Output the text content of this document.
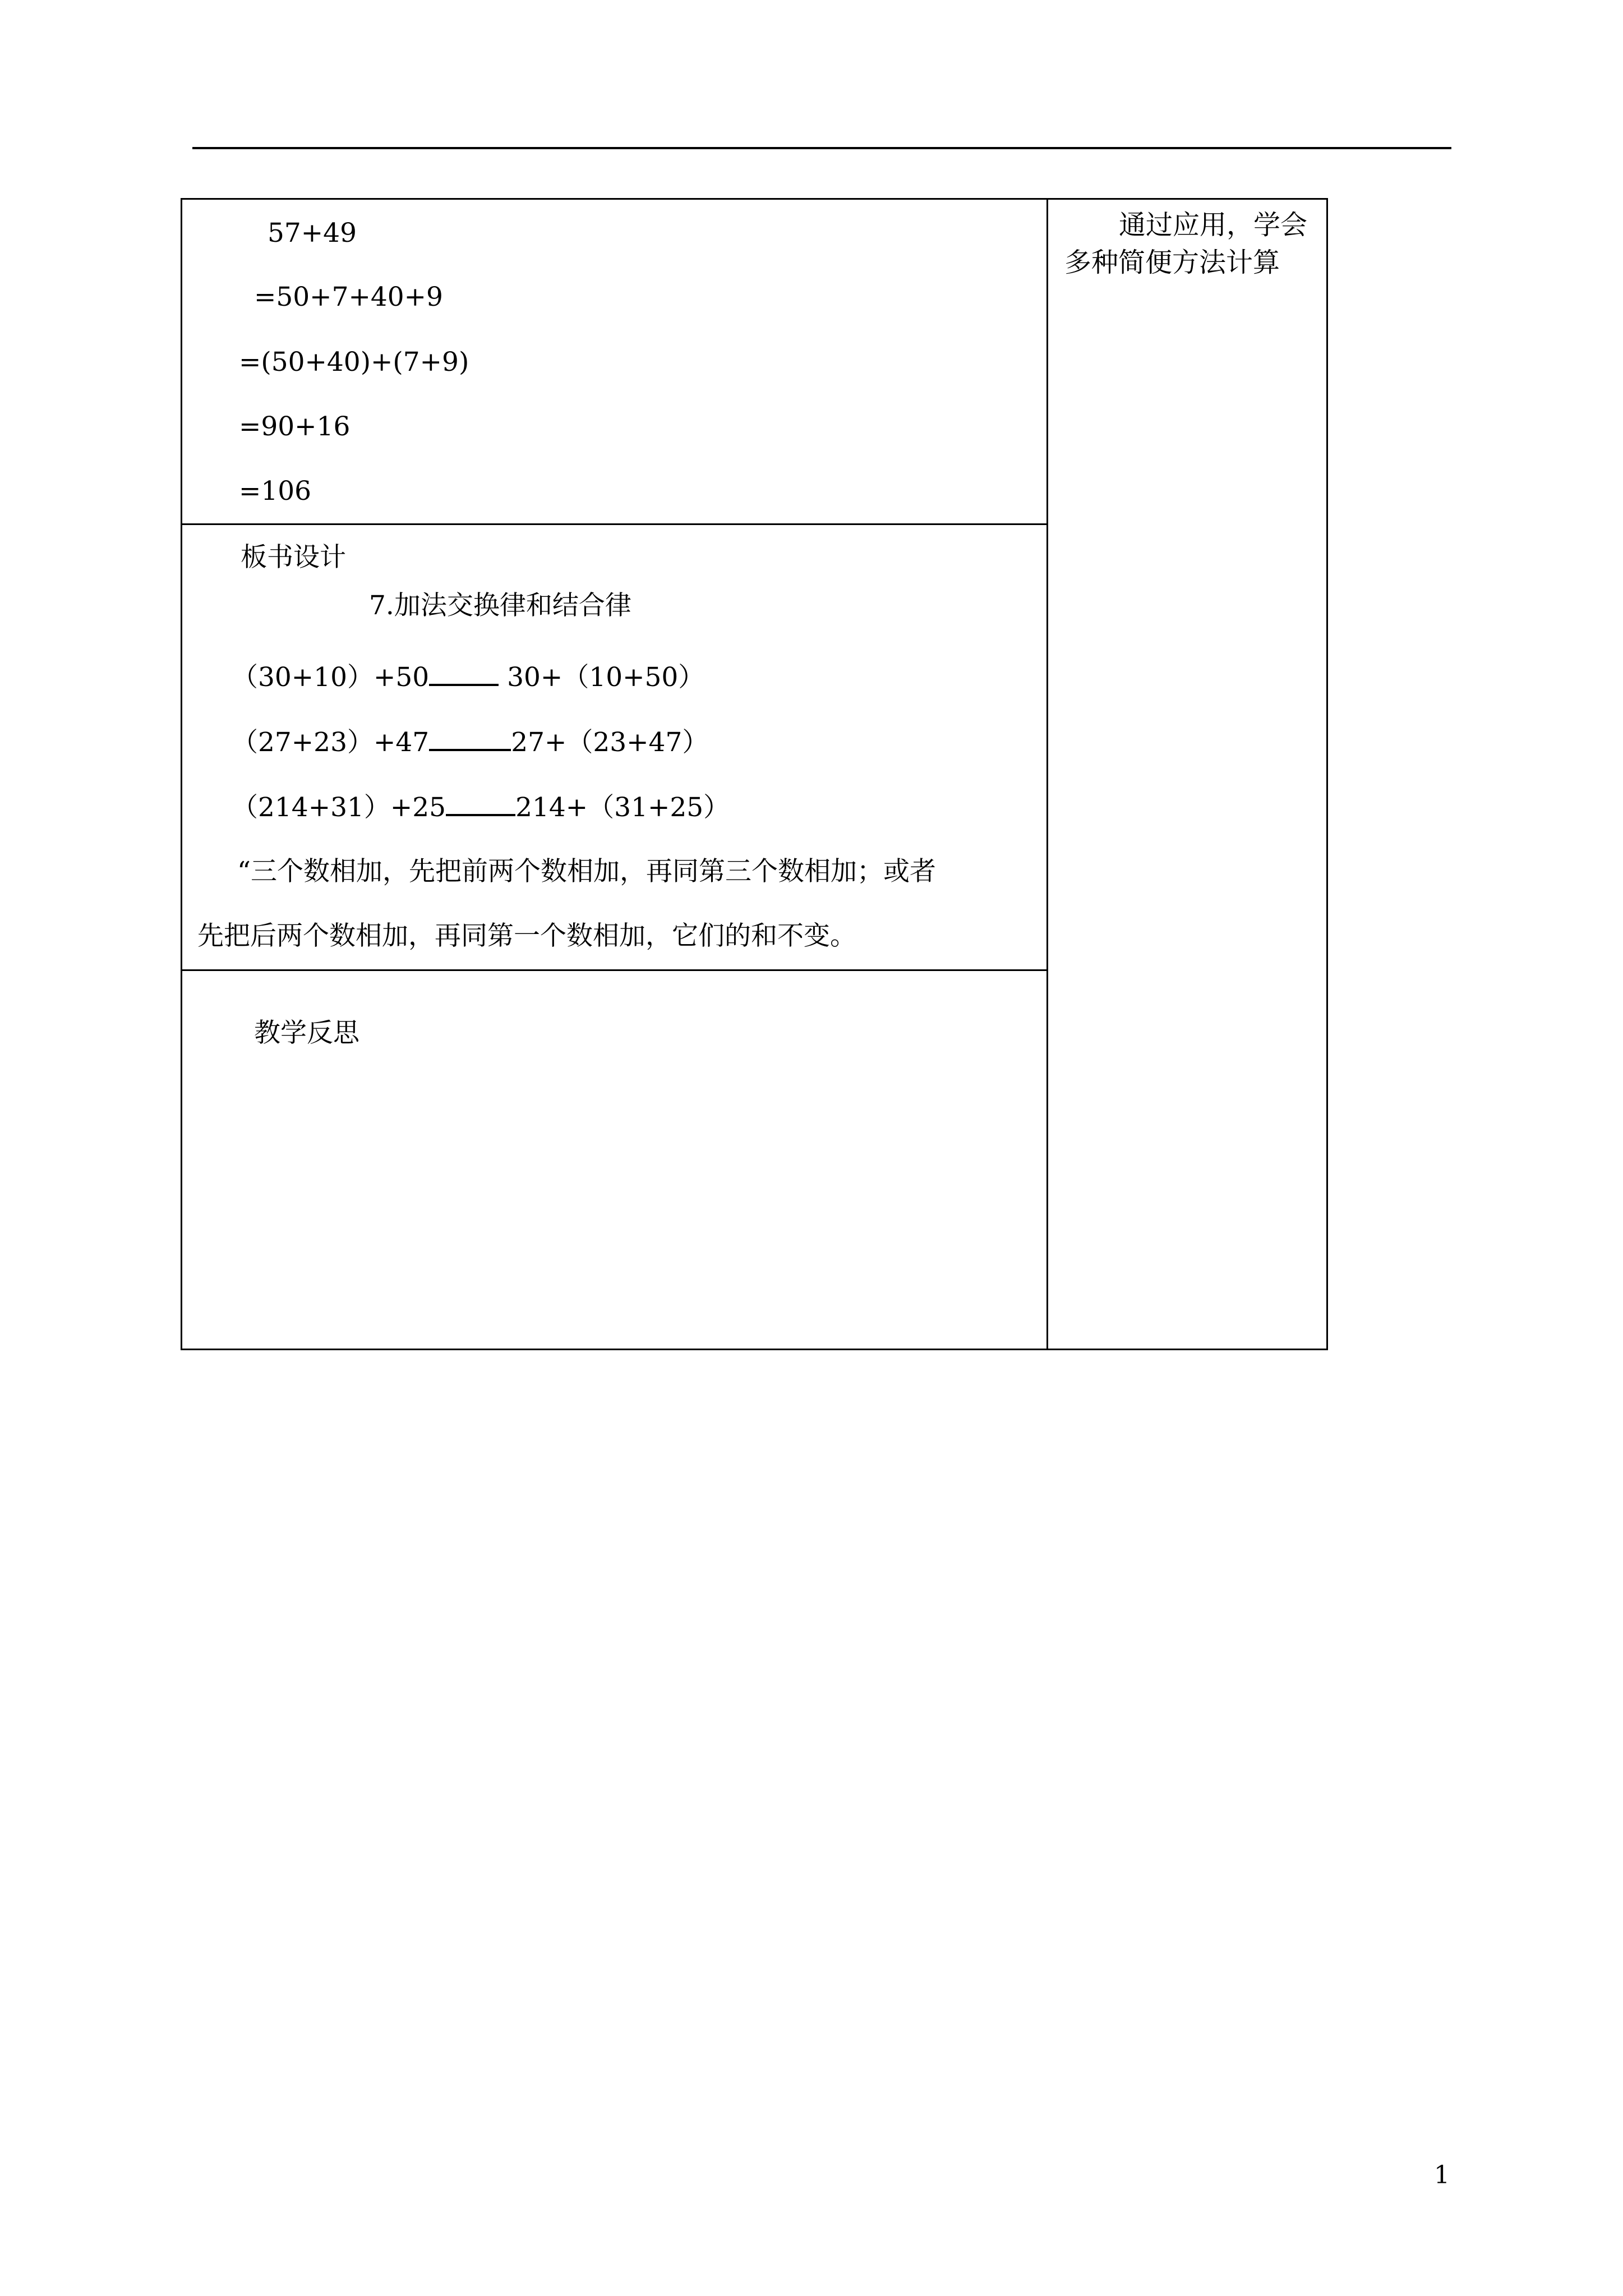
57+49
=50+7+40+9
=(50+40)+(7+9)
=90+16
=106
通过应用，学会
多种简便方法计算
板书设计
7.加法交换律和结合律
（30+10）+50	30+（10+50）
（27+23）+47	27+（23+47）
（214+31）+25	214+（31+25）
“三个数相加，先把前两个数相加，再同第三个数相加；或者
先把后两个数相加，再同第一个数相加，它们的和不变。
教学反思
1
